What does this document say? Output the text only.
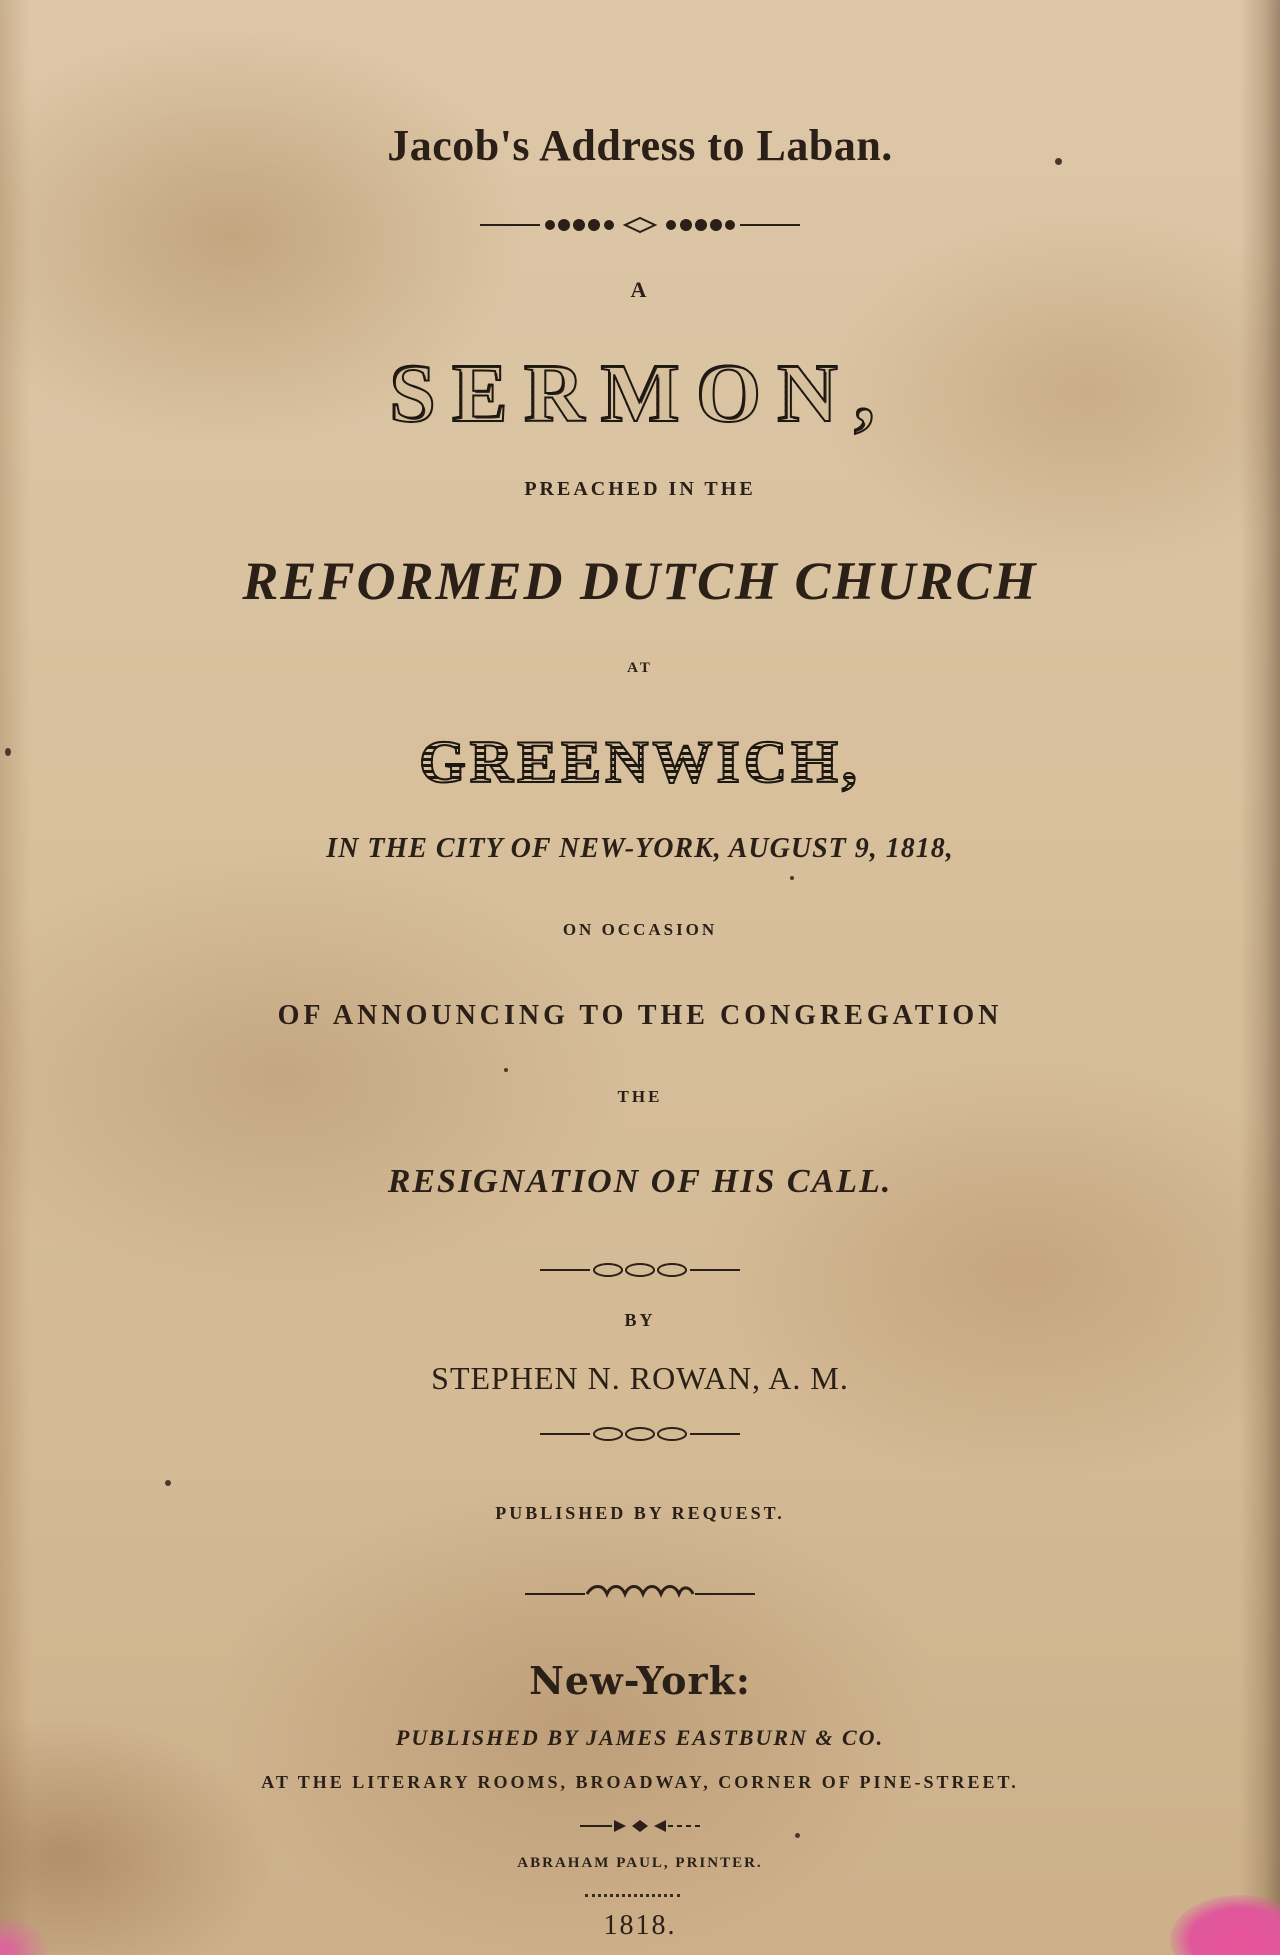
Jacob's Address to Laban.
A
SERMON,
PREACHED IN THE
REFORMED DUTCH CHURCH
AT
GREENWICH,
IN THE CITY OF NEW-YORK, AUGUST 9, 1818,
ON OCCASION
OF ANNOUNCING TO THE CONGREGATION
THE
RESIGNATION OF HIS CALL.
BY
STEPHEN N. ROWAN, A. M.
PUBLISHED BY REQUEST.
New-York:
PUBLISHED BY JAMES EASTBURN & CO.
AT THE LITERARY ROOMS, BROADWAY, CORNER OF PINE-STREET.
ABRAHAM PAUL, PRINTER.
1818.
